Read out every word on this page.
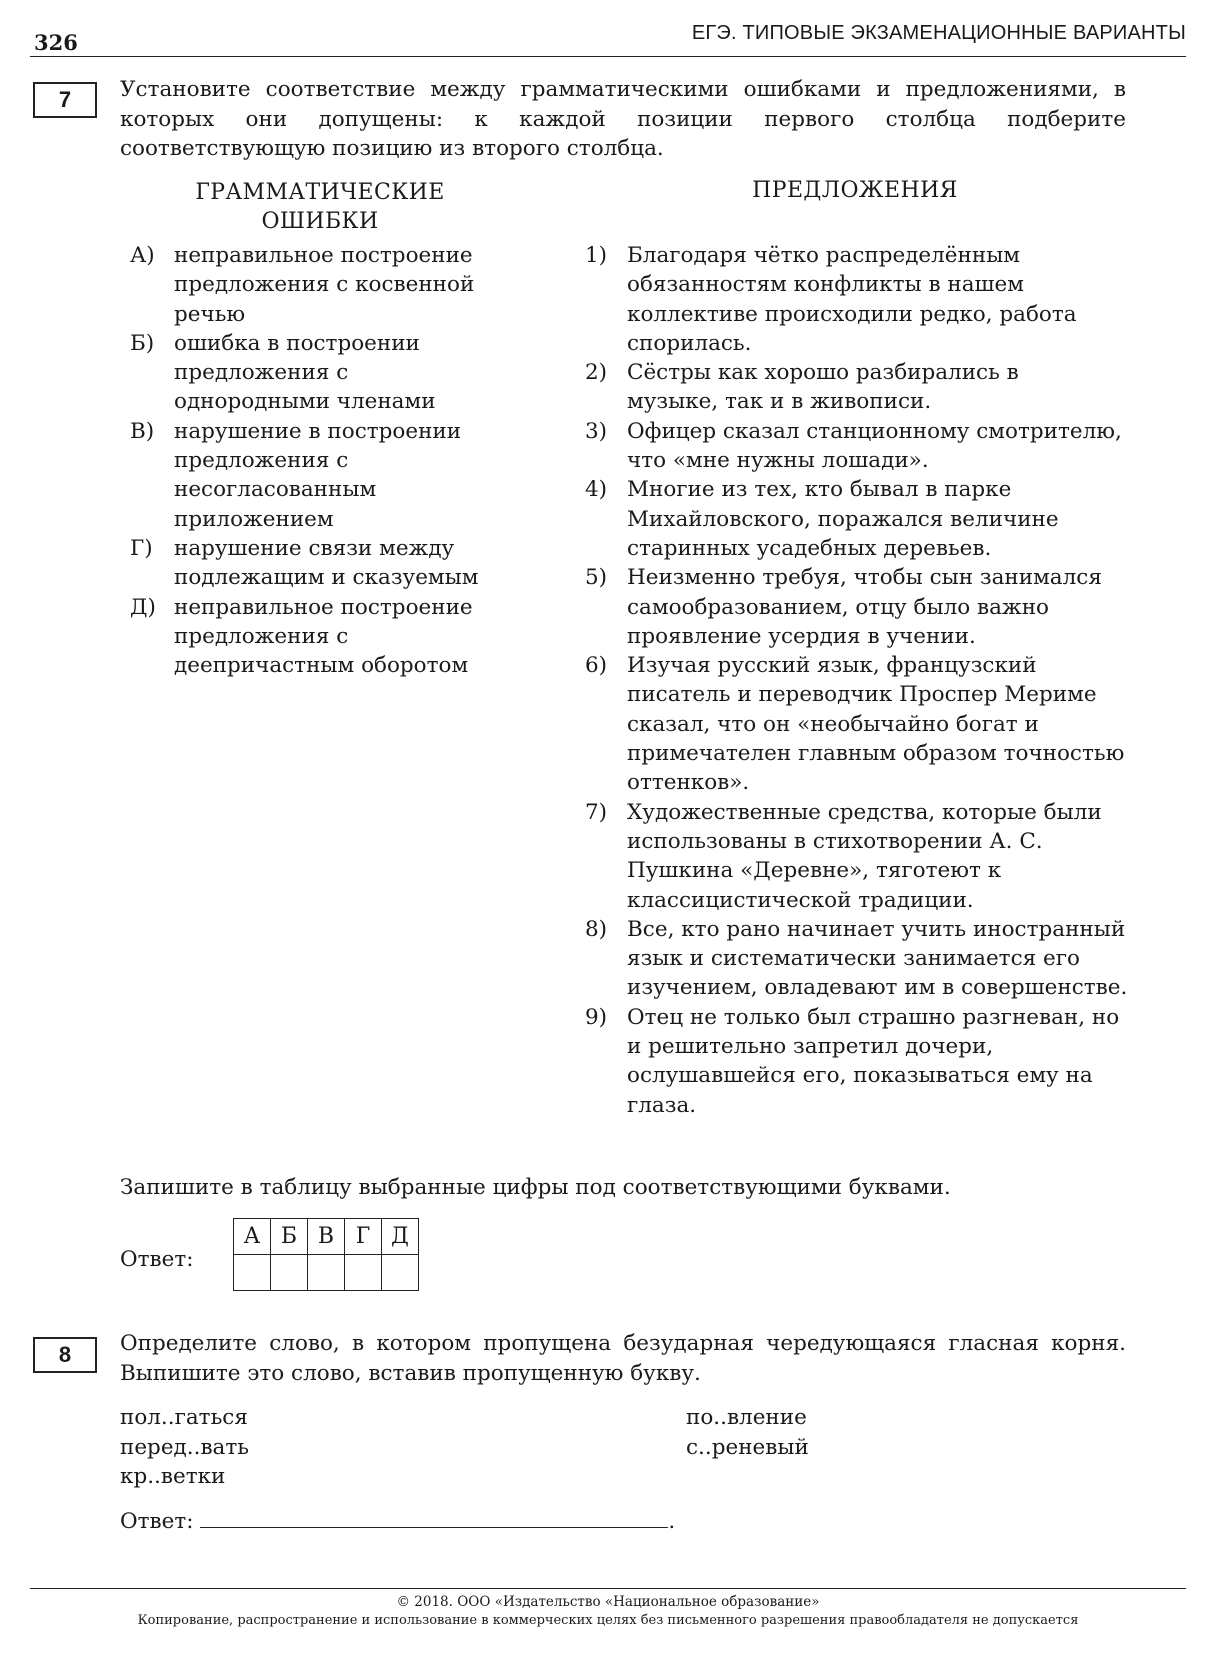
326	ЕГЭ. ТИПОВЫЕ ЭКЗАМЕНАЦИОННЫЕ ВАРИАНТЫ
7	Установите соответствие между грамматическими ошибками и предложениями, в которых они допущены: к каждой позиции первого столбца подберите соответствующую позицию из второго столбца.
ГРАММАТИЧЕСКИЕ
ОШИБКИ
ПРЕДЛОЖЕНИЯ
А) неправильное построение предложения с косвенной речью
Б) ошибка в построении предложения с однородными членами
В) нарушение в построении предложения с несогласованным приложением
Г) нарушение связи между подлежащим и сказуемым
Д) неправильное построение предложения с деепричастным оборотом
1) Благодаря чётко распределённым обязанностям конфликты в нашем коллективе происходили редко, работа спорилась.
2) Сёстры как хорошо разбирались в музыке, так и в живописи.
3) Офицер сказал станционному смотрителю, что «мне нужны лошади».
4) Многие из тех, кто бывал в парке Михайловского, поражался величине старинных усадебных деревьев.
5) Неизменно требуя, чтобы сын занимался самообразованием, отцу было важно проявление усердия в учении.
6) Изучая русский язык, французский писатель и переводчик Проспер Мериме сказал, что он «необычайно богат и примечателен главным образом точностью оттенков».
7) Художественные средства, которые были использованы в стихотворении А. С. Пушкина «Деревне», тяготеют к классицистической традиции.
8) Все, кто рано начинает учить иностранный язык и систематически занимается его изучением, овладевают им в совершенстве.
9) Отец не только был страшно разгневан, но и решительно запретил дочери, ослушавшейся его, показываться ему на глаза.
Запишите в таблицу выбранные цифры под соответствующими буквами.
Ответ:
А	Б	В	Г	Д

8	Определите слово, в котором пропущена безударная чередующаяся гласная корня. Выпишите это слово, вставив пропущенную букву.
пол..гаться
перед..вать
кр..ветки
по..вление
с..реневый
Ответ:	.
© 2018. ООО «Издательство «Национальное образование»
Копирование, распространение и использование в коммерческих целях без письменного разрешения правообладателя не допускается
